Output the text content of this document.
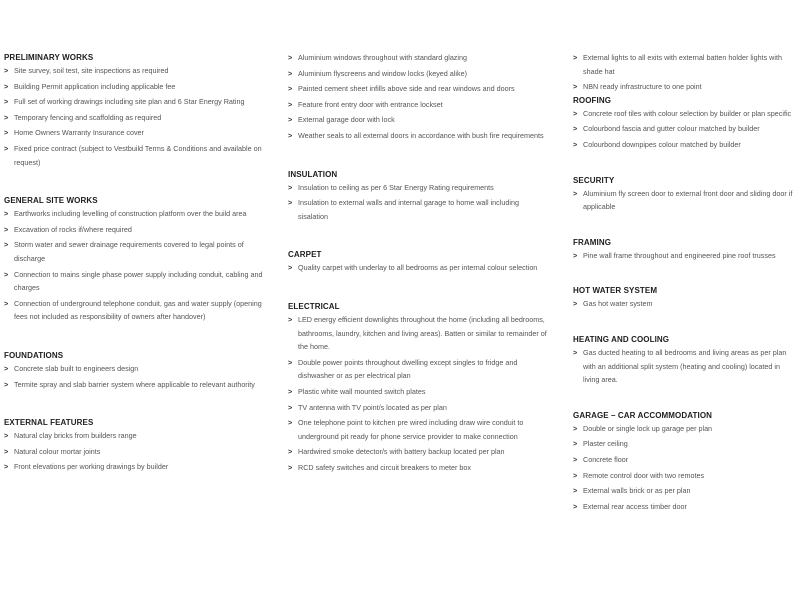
PRELIMINARY WORKS
> Site survey, soil test, site inspections as required
> Building Permit application including applicable fee
> Full set of working drawings including site plan and 6 Star Energy Rating
> Temporary fencing and scaffolding as required
> Home Owners Warranty Insurance cover
> Fixed price contract (subject to Vestbuild Terms & Conditions and available on request)
GENERAL SITE WORKS
> Earthworks including levelling of construction platform over the build area
> Excavation of rocks if/where required
> Storm water and sewer drainage requirements covered to legal points of discharge
> Connection to mains single phase power supply including conduit, cabling and charges
> Connection of underground telephone conduit, gas and water supply (opening fees not included as responsibility of owners after handover)
FOUNDATIONS
> Concrete slab built to engineers design
> Termite spray and slab barrier system where applicable to relevant authority
EXTERNAL FEATURES
> Natural clay bricks from builders range
> Natural colour mortar joints
> Front elevations per working drawings by builder
> Aluminium windows throughout with standard glazing
> Aluminium flyscreens and window locks (keyed alike)
> Painted cement sheet infills above side and rear windows and doors
> Feature front entry door with entrance lockset
> External garage door with lock
> Weather seals to all external doors in accordance with bush fire requirements
INSULATION
> Insulation to ceiling as per 6 Star Energy Rating requirements
> Insulation to external walls and internal garage to home wall including sisalation
CARPET
> Quality carpet with underlay to all bedrooms as per internal colour selection
ELECTRICAL
> LED energy efficient downlights throughout the home (including all bedrooms, bathrooms, laundry, kitchen and living areas). Batten or similar to remainder of the home.
> Double power points throughout dwelling except singles to fridge and dishwasher or as per electrical plan
> Plastic white wall mounted switch plates
> TV antenna with TV point/s located as per plan
> One telephone point to kitchen pre wired including draw wire conduit to underground pit ready for phone service provider to make connection
> Hardwired smoke detector/s with battery backup located per plan
> RCD safety switches and circuit breakers to meter box
> External lights to all exits with external batten holder lights with shade hat
> NBN ready infrastructure to one point
ROOFING
> Concrete roof tiles with colour selection by builder or plan specific
> Colourbond fascia and gutter colour matched by builder
> Colourbond downpipes colour matched by builder
SECURITY
> Aluminium fly screen door to external front door and sliding door if applicable
FRAMING
> Pine wall frame throughout and engineered pine roof trusses
HOT WATER SYSTEM
> Gas hot water system
HEATING AND COOLING
> Gas ducted heating to all bedrooms and living areas as per plan with an additional split system (heating and cooling) located in living area.
GARAGE – CAR ACCOMMODATION
> Double or single lock up garage per plan
> Plaster ceiling
> Concrete floor
> Remote control door with two remotes
> External walls brick or as per plan
> External rear access timber door
